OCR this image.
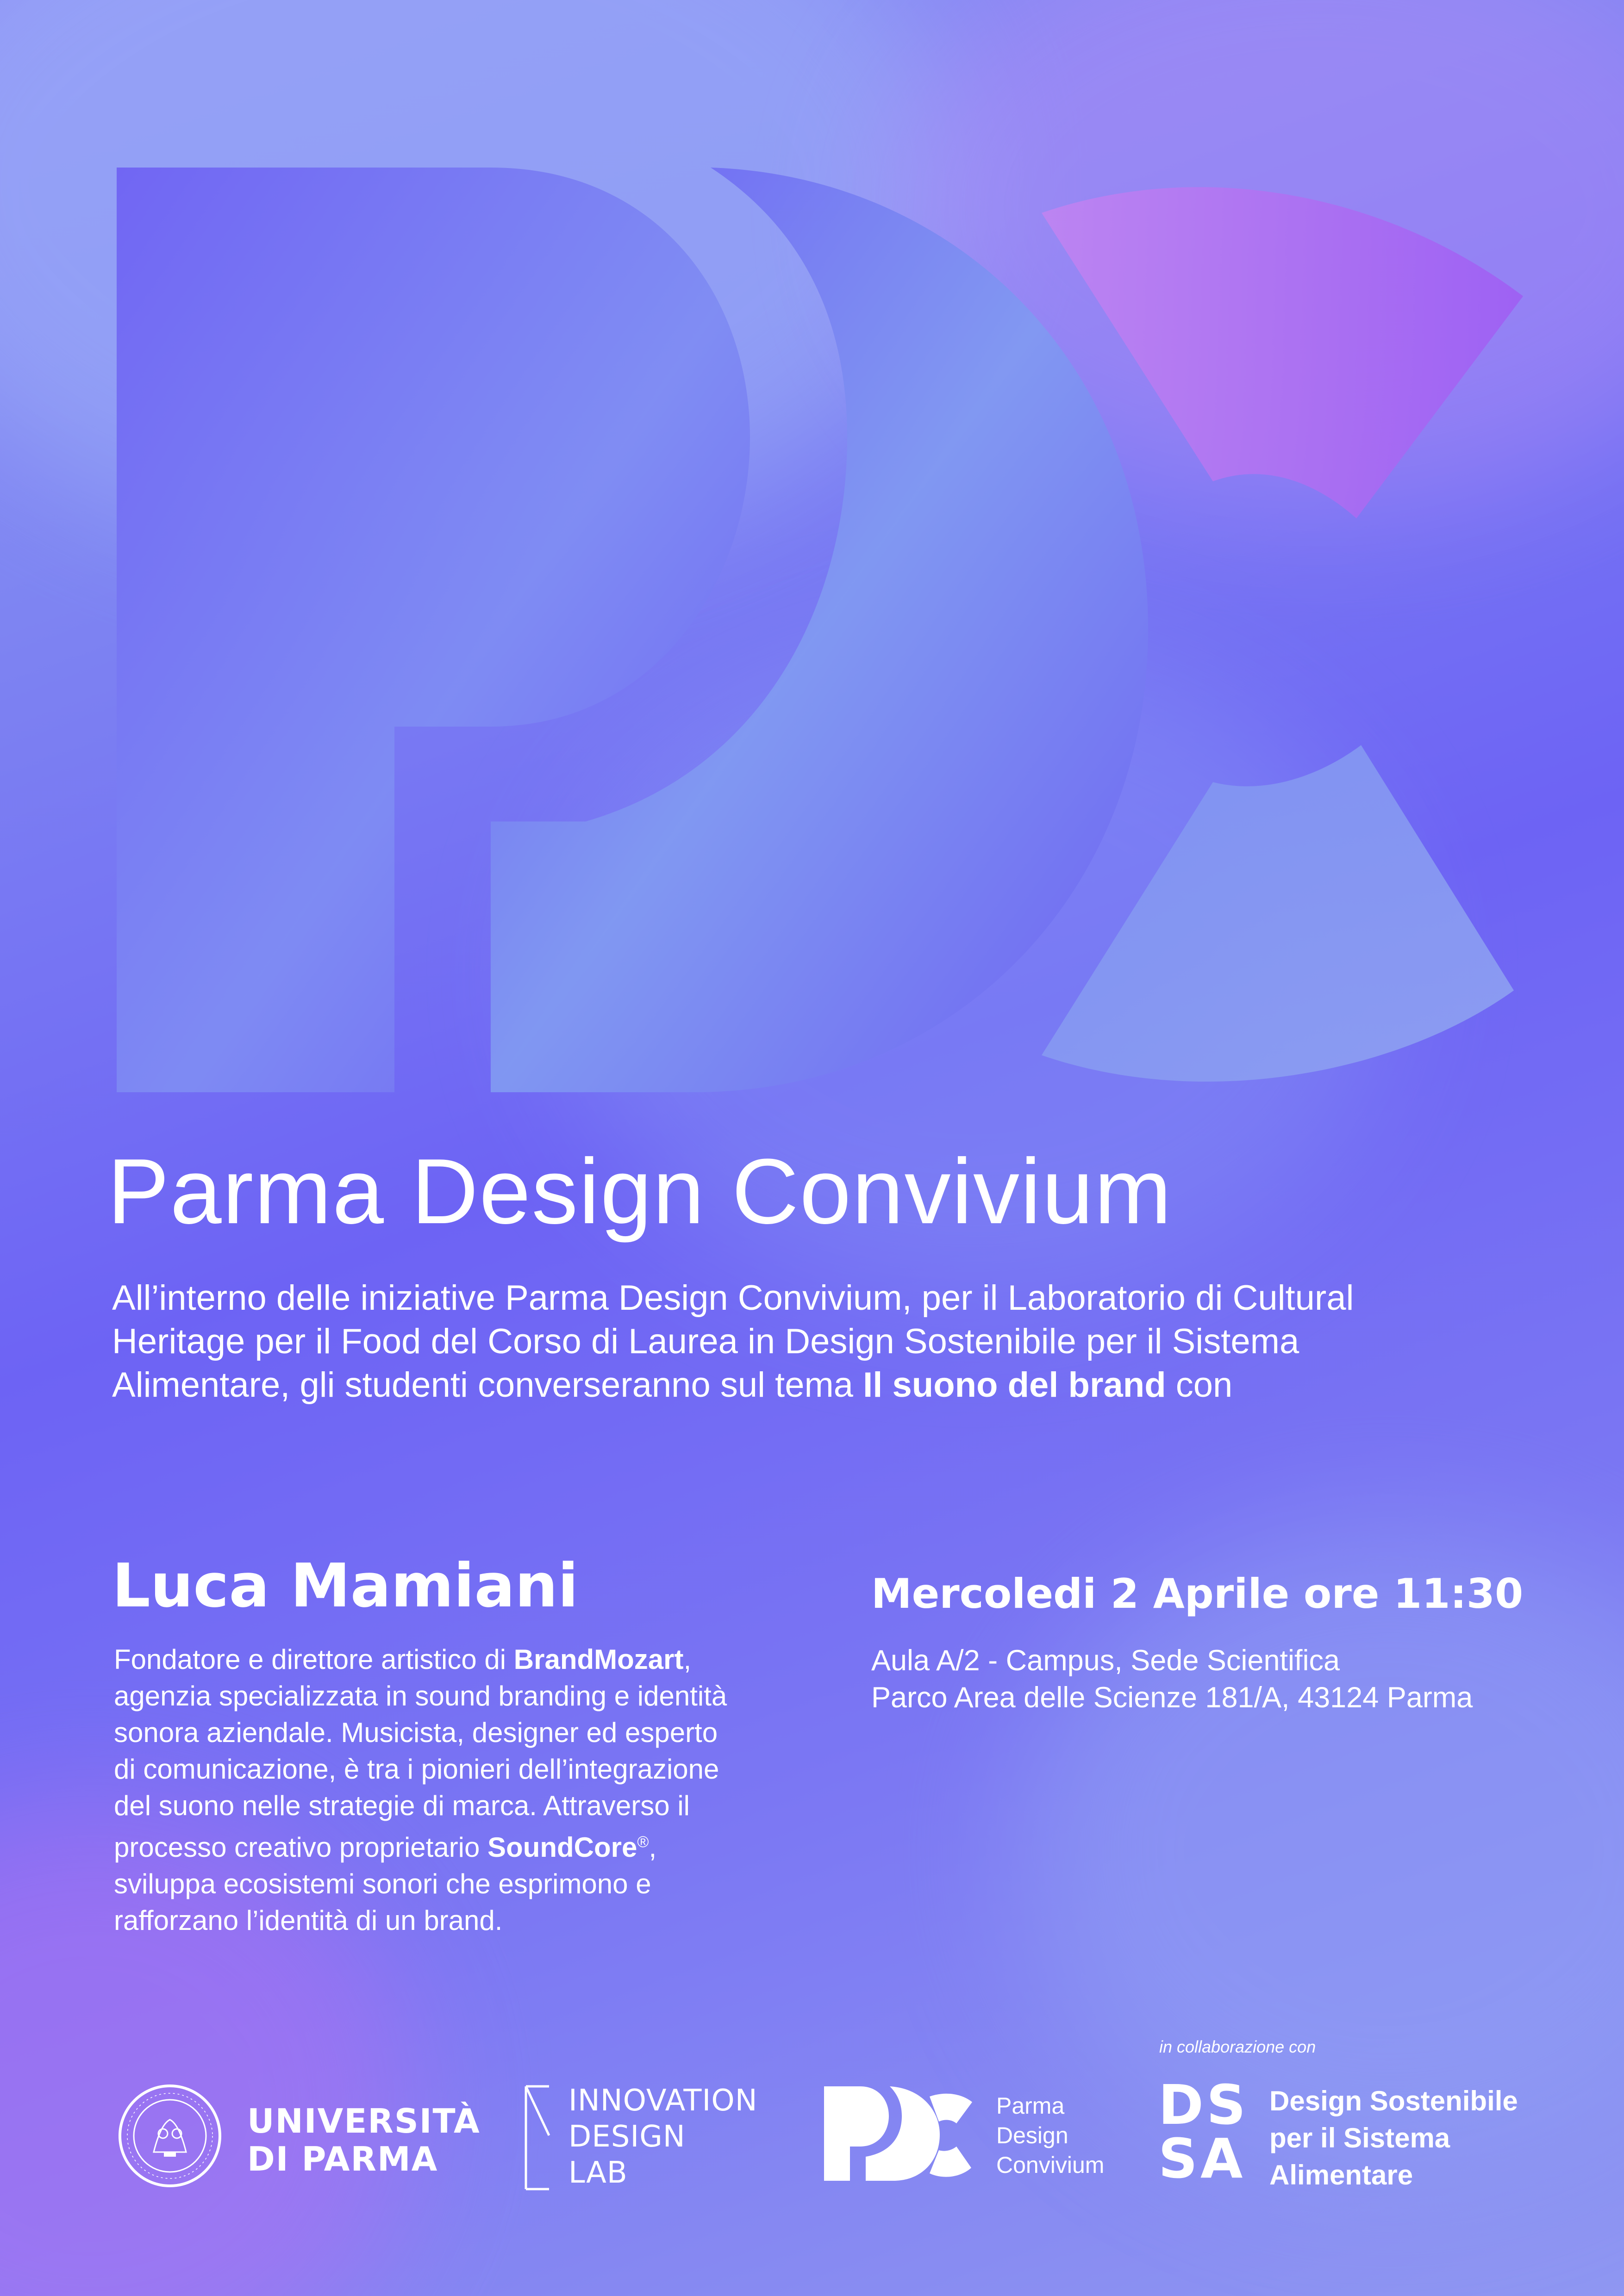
Parma Design Convivium
All’interno delle iniziative Parma Design Convivium, per il Laboratorio di Cultural Heritage per il Food del Corso di Laurea in Design Sostenibile per il Sistema Alimentare, gli studenti converseranno sul tema Il suono del brand con
Luca Mamiani
Fondatore e direttore artistico di BrandMozart, agenzia specializzata in sound branding e identità sonora aziendale. Musicista, designer ed esperto di comunicazione, è tra i pionieri dell’integrazione del suono nelle strategie di marca. Attraverso il processo creativo proprietario SoundCore®, sviluppa ecosistemi sonori che esprimono e rafforzano l’identità di un brand.
Mercoledi 2 Aprile ore 11:30
Aula A/2 - Campus, Sede Scientifica
Parco Area delle Scienze 181/A, 43124 Parma
in collaborazione con
UNIVERSITÀ
DI PARMA
INNOVATION
DESIGN
LAB
Parma
Design
Convivium
DS
SA
Design Sostenibile
per il Sistema
Alimentare
